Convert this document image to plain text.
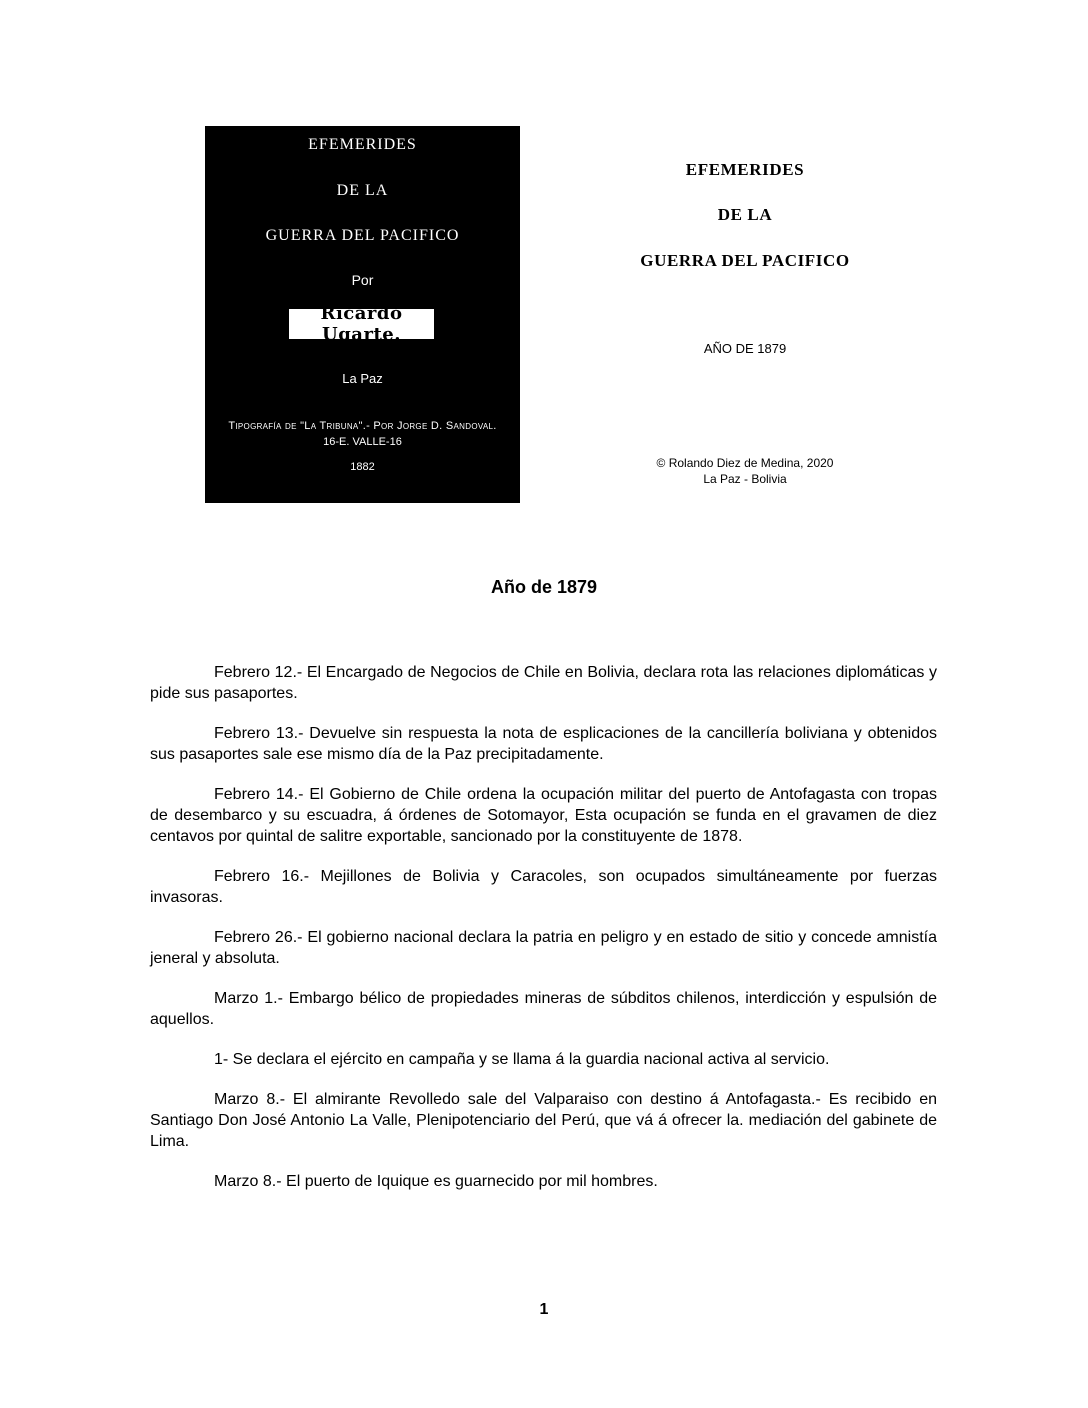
EFEMERIDES
DE LA
GUERRA DEL PACIFICO
Por
Ricardo Ugarte.
La Paz
Tipografía de "La Tribuna".- Por Jorge D. Sandoval.
16-E. VALLE-16
1882
EFEMERIDES
DE LA
GUERRA DEL PACIFICO
AÑO DE 1879
© Rolando Diez de Medina, 2020
La Paz - Bolivia
Año de 1879

Febrero 12.- El Encargado de Negocios de Chile en Bolivia, declara rota las relaciones diplomáticas y pide sus pasaportes.

Febrero 13.- Devuelve sin respuesta la nota de esplicaciones de la cancillería boliviana y obtenidos sus pasaportes sale ese mismo día de la Paz precipitadamente.

Febrero 14.- El Gobierno de Chile ordena la ocupación militar del puerto de Antofagasta con tropas de desembarco y su escuadra, á órdenes de Sotomayor, Esta ocupación se funda en el gravamen de diez centavos por quintal de salitre exportable, sancionado por la constituyente de 1878.

Febrero 16.- Mejillones de Bolivia y Caracoles, son ocupados simultáneamente por fuerzas invasoras.

Febrero 26.- El gobierno nacional declara la patria en peligro y en estado de sitio y concede amnistía jeneral y absoluta.

Marzo 1.- Embargo bélico de propiedades mineras de súbditos chilenos, interdicción y espulsión de aquellos.

1- Se declara el ejército en campaña y se llama á la guardia nacional activa al servicio.

Marzo 8.- El almirante Revolledo sale del Valparaiso con destino á Antofagasta.- Es recibido en Santiago Don José Antonio La Valle, Plenipotenciario del Perú, que vá á ofrecer la. mediación del gabinete de Lima.

Marzo 8.- El puerto de Iquique es guarnecido por mil hombres.

1
